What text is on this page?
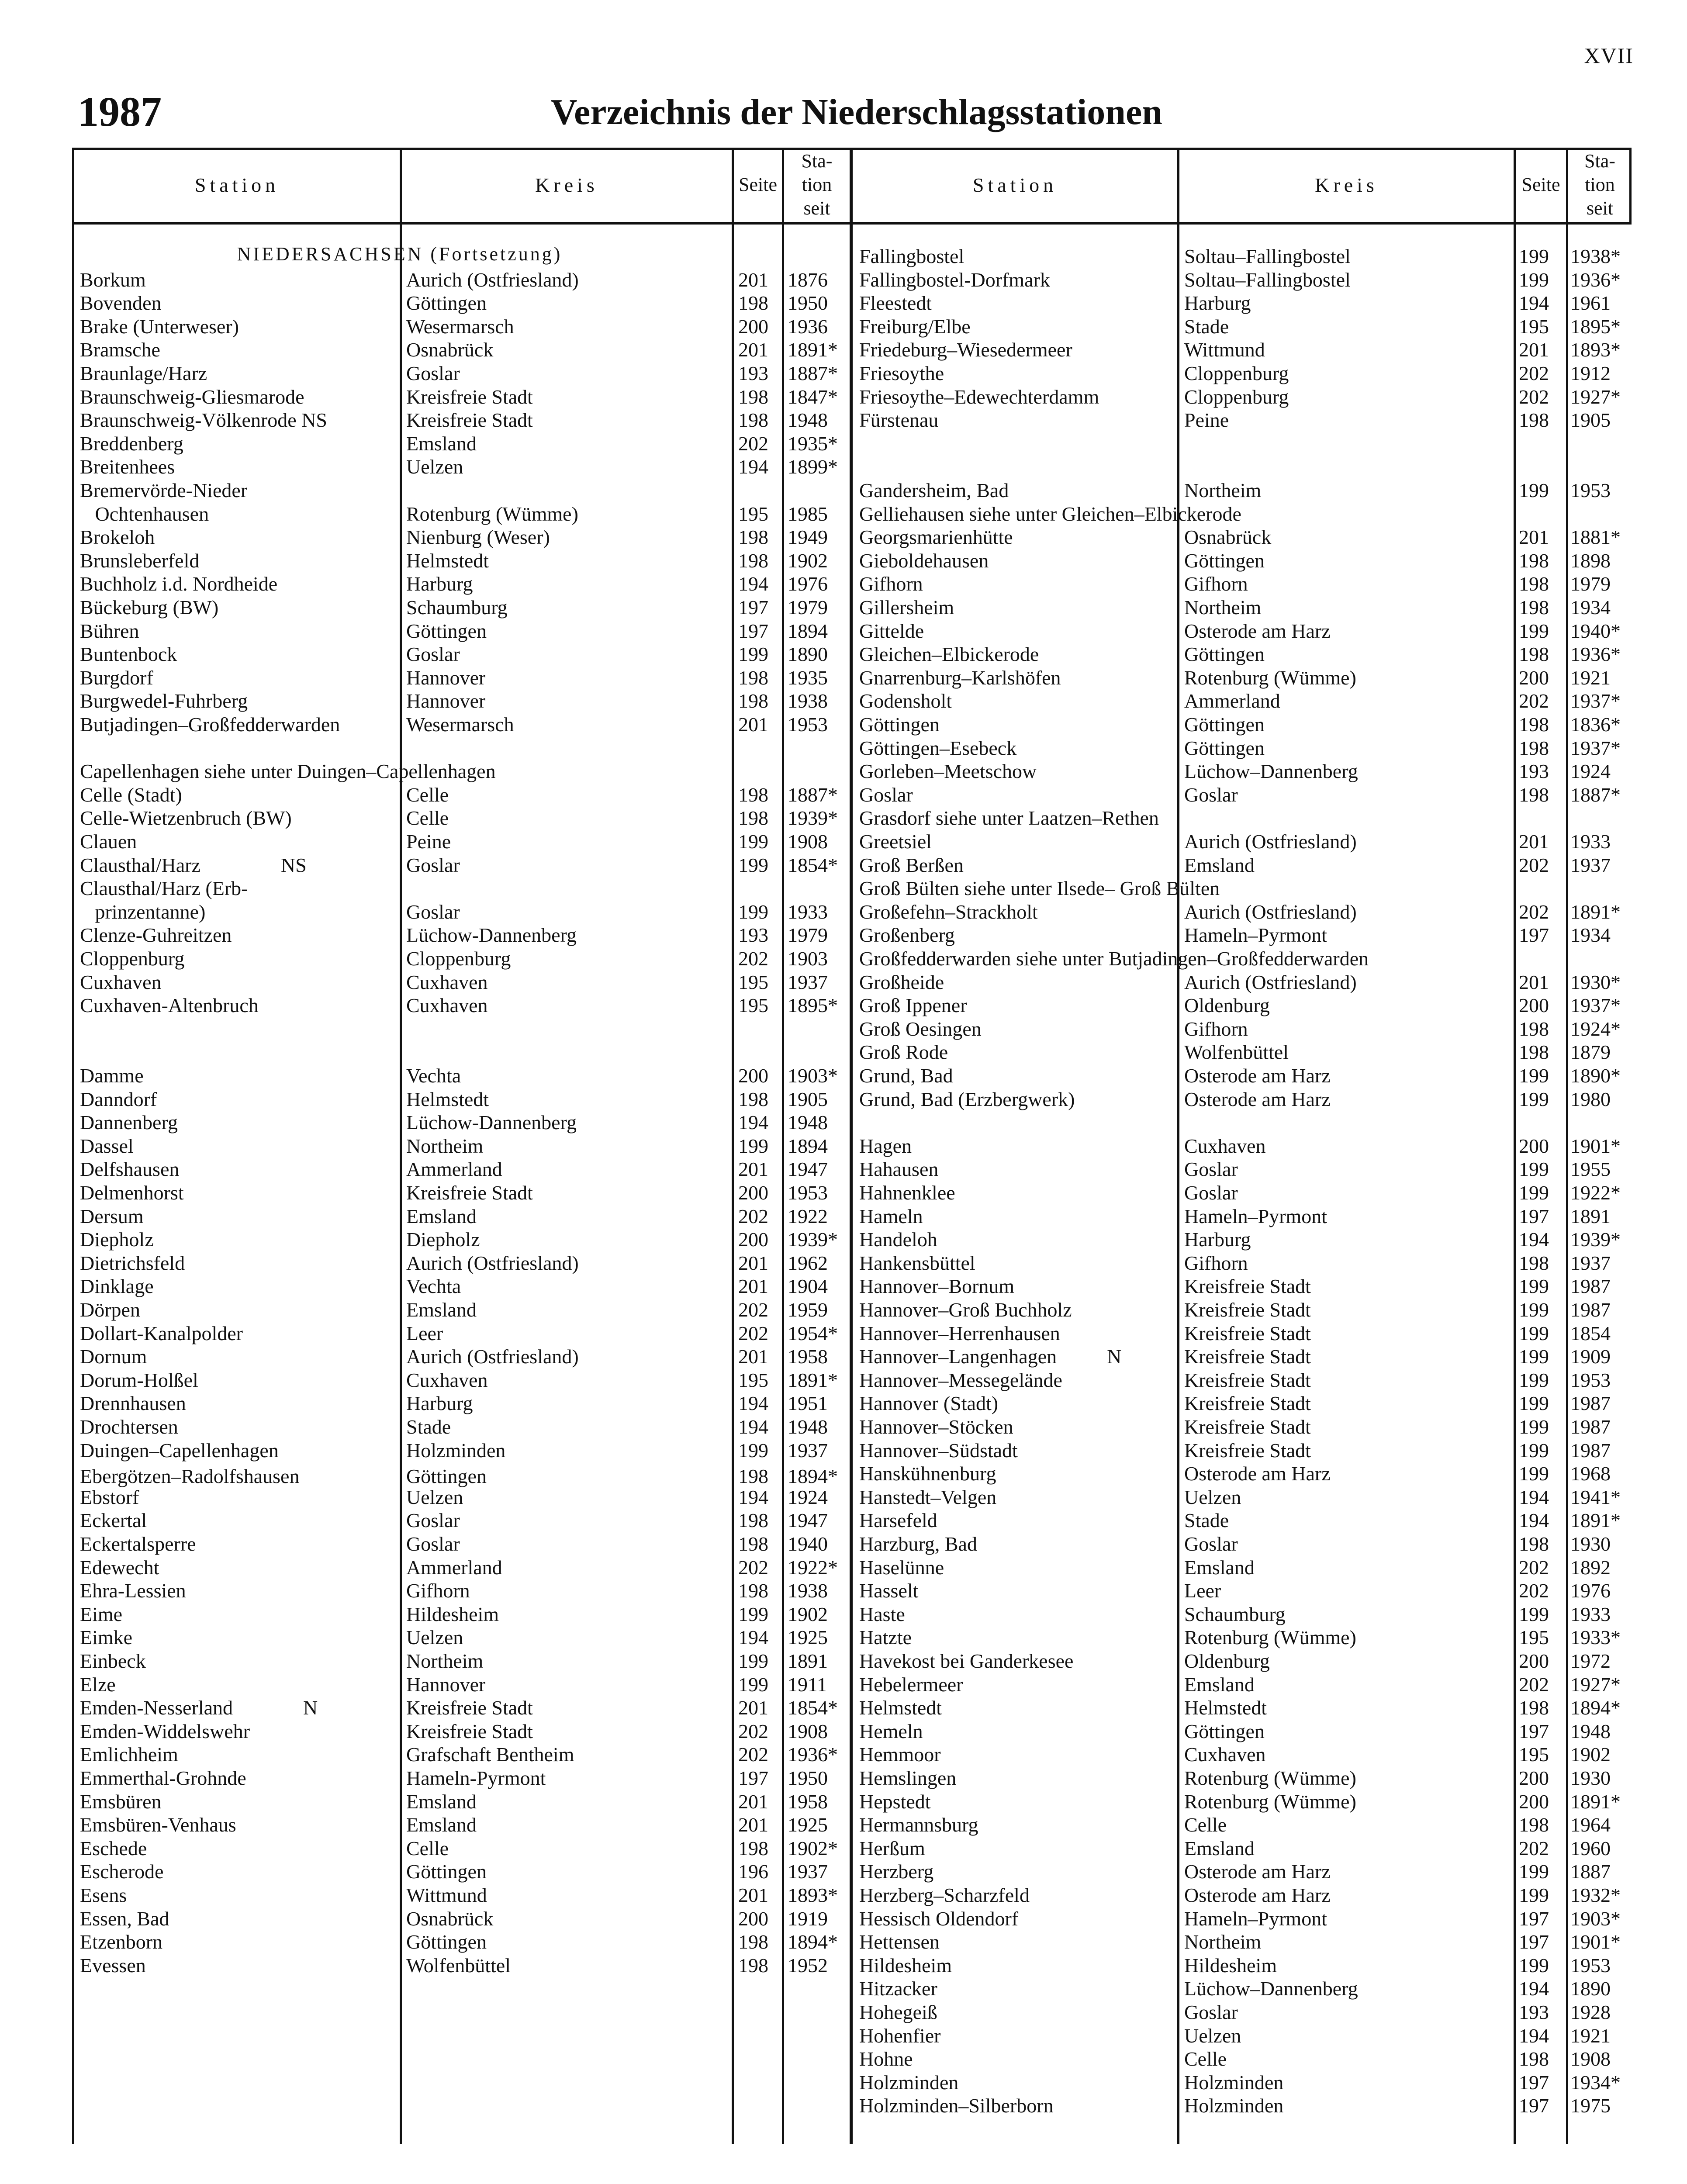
XVII
1987	Verzeichnis der Niederschlagsstationen
Station	Kreis	Seite
Sta-
tion
seit
Station	Kreis	Seite
Sta-
tion
seit
NIEDERSACHSEN (Fortsetzung)
Borkum	Aurich (Ostfriesland)	201 1876
Bovenden	Göttingen	198 1950
Brake (Unterweser)	Wesermarsch	200 1936
Bramsche	Osnabrück	201 1891*
Braunlage/Harz	Goslar	193 1887*
Braunschweig-Gliesmarode	Kreisfreie Stadt	198 1847*
Braunschweig-Völkenrode NS	Kreisfreie Stadt	198 1948
Breddenberg	Emsland	202 1935*
Breitenhees	Uelzen	194 1899*
Bremervörde-Nieder
Ochtenhausen	Rotenburg (Wümme)	195 1985
Brokeloh	Nienburg (Weser)	198 1949
Brunsleberfeld	Helmstedt	198 1902
Buchholz i.d. Nordheide	Harburg	194 1976
Bückeburg (BW)	Schaumburg	197 1979
Bühren	Göttingen	197 1894
Buntenbock	Goslar	199 1890
Burgdorf	Hannover	198 1935
Burgwedel-Fuhrberg	Hannover	198 1938
Butjadingen–Großfedderwarden	Wesermarsch	201 1953
Capellenhagen siehe unter Duingen–Capellenhagen
Celle (Stadt)	Celle	198 1887*
Celle-Wietzenbruch (BW)	Celle	198 1939*
Clauen	Peine	199 1908
Clausthal/Harz                NS	Goslar	199 1854*
Clausthal/Harz (Erb-
prinzentanne)	Goslar	199 1933
Clenze-Guhreitzen	Lüchow-Dannenberg	193 1979
Cloppenburg	Cloppenburg	202 1903
Cuxhaven	Cuxhaven	195 1937
Cuxhaven-Altenbruch	Cuxhaven	195 1895*
Damme	Vechta	200 1903*
Danndorf	Helmstedt	198 1905
Dannenberg	Lüchow-Dannenberg	194 1948
Dassel	Northeim	199 1894
Delfshausen	Ammerland	201 1947
Delmenhorst	Kreisfreie Stadt	200 1953
Dersum	Emsland	202 1922
Diepholz	Diepholz	200 1939*
Dietrichsfeld	Aurich (Ostfriesland)	201 1962
Dinklage	Vechta	201 1904
Dörpen	Emsland	202 1959
Dollart-Kanalpolder	Leer	202 1954*
Dornum	Aurich (Ostfriesland)	201 1958
Dorum-Holßel	Cuxhaven	195 1891*
Drennhausen	Harburg	194 1951
Drochtersen	Stade	194 1948
Duingen–Capellenhagen	Holzminden	199 1937
Ebergötzen–Radolfshausen	Göttingen	198 1894*
Ebstorf	Uelzen	194 1924
Eckertal	Goslar	198 1947
Eckertalsperre	Goslar	198 1940
Edewecht	Ammerland	202 1922*
Ehra-Lessien	Gifhorn	198 1938
Eime	Hildesheim	199 1902
Eimke	Uelzen	194 1925
Einbeck	Northeim	199 1891
Elze	Hannover	199 1911
Emden-Nesserland              N	Kreisfreie Stadt	201 1854*
Emden-Widdelswehr	Kreisfreie Stadt	202 1908
Emlichheim	Grafschaft Bentheim	202 1936*
Emmerthal-Grohnde	Hameln-Pyrmont	197 1950
Emsbüren	Emsland	201 1958
Emsbüren-Venhaus	Emsland	201 1925
Eschede	Celle	198 1902*
Escherode	Göttingen	196 1937
Esens	Wittmund	201 1893*
Essen, Bad	Osnabrück	200 1919
Etzenborn	Göttingen	198 1894*
Evessen	Wolfenbüttel	198 1952
Fallingbostel	Soltau–Fallingbostel	199 1938*
Fallingbostel-Dorfmark	Soltau–Fallingbostel	199 1936*
Fleestedt	Harburg	194 1961
Freiburg/Elbe	Stade	195 1895*
Friedeburg–Wiesedermeer	Wittmund	201 1893*
Friesoythe	Cloppenburg	202 1912
Friesoythe–Edewechterdamm	Cloppenburg	202 1927*
Fürstenau	Peine	198 1905
Gandersheim, Bad	Northeim	199 1953
Gelliehausen siehe unter Gleichen–Elbickerode
Georgsmarienhütte	Osnabrück	201 1881*
Gieboldehausen	Göttingen	198 1898
Gifhorn	Gifhorn	198 1979
Gillersheim	Northeim	198 1934
Gittelde	Osterode am Harz	199 1940*
Gleichen–Elbickerode	Göttingen	198 1936*
Gnarrenburg–Karlshöfen	Rotenburg (Wümme)	200 1921
Godensholt	Ammerland	202 1937*
Göttingen	Göttingen	198 1836*
Göttingen–Esebeck	Göttingen	198 1937*
Gorleben–Meetschow	Lüchow–Dannenberg	193 1924
Goslar	Goslar	198 1887*
Grasdorf siehe unter Laatzen–Rethen
Greetsiel	Aurich (Ostfriesland)	201 1933
Groß Berßen	Emsland	202 1937
Groß Bülten siehe unter Ilsede– Groß Bülten
Großefehn–Strackholt	Aurich (Ostfriesland)	202 1891*
Großenberg	Hameln–Pyrmont	197 1934
Großfedderwarden siehe unter Butjadingen–Großfedderwarden
Großheide	Aurich (Ostfriesland)	201 1930*
Groß Ippener	Oldenburg	200 1937*
Groß Oesingen	Gifhorn	198 1924*
Groß Rode	Wolfenbüttel	198 1879
Grund, Bad	Osterode am Harz	199 1890*
Grund, Bad (Erzbergwerk)	Osterode am Harz	199 1980
Hagen	Cuxhaven	200 1901*
Hahausen	Goslar	199 1955
Hahnenklee	Goslar	199 1922*
Hameln	Hameln–Pyrmont	197 1891
Handeloh	Harburg	194 1939*
Hankensbüttel	Gifhorn	198 1937
Hannover–Bornum	Kreisfreie Stadt	199 1987
Hannover–Groß Buchholz	Kreisfreie Stadt	199 1987
Hannover–Herrenhausen	Kreisfreie Stadt	199 1854
Hannover–Langenhagen          N	Kreisfreie Stadt	199 1909
Hannover–Messegelände	Kreisfreie Stadt	199 1953
Hannover (Stadt)	Kreisfreie Stadt	199 1987
Hannover–Stöcken	Kreisfreie Stadt	199 1987
Hannover–Südstadt	Kreisfreie Stadt	199 1987
Hanskühnenburg	Osterode am Harz	199 1968
Hanstedt–Velgen	Uelzen	194 1941*
Harsefeld	Stade	194 1891*
Harzburg, Bad	Goslar	198 1930
Haselünne	Emsland	202 1892
Hasselt	Leer	202 1976
Haste	Schaumburg	199 1933
Hatzte	Rotenburg (Wümme)	195 1933*
Havekost bei Ganderkesee	Oldenburg	200 1972
Hebelermeer	Emsland	202 1927*
Helmstedt	Helmstedt	198 1894*
Hemeln	Göttingen	197 1948
Hemmoor	Cuxhaven	195 1902
Hemslingen	Rotenburg (Wümme)	200 1930
Hepstedt	Rotenburg (Wümme)	200 1891*
Hermannsburg	Celle	198 1964
Herßum	Emsland	202 1960
Herzberg	Osterode am Harz	199 1887
Herzberg–Scharzfeld	Osterode am Harz	199 1932*
Hessisch Oldendorf	Hameln–Pyrmont	197 1903*
Hettensen	Northeim	197 1901*
Hildesheim	Hildesheim	199 1953
Hitzacker	Lüchow–Dannenberg	194 1890
Hohegeiß	Goslar	193 1928
Hohenfier	Uelzen	194 1921
Hohne	Celle	198 1908
Holzminden	Holzminden	197 1934*
Holzminden–Silberborn	Holzminden	197 1975
